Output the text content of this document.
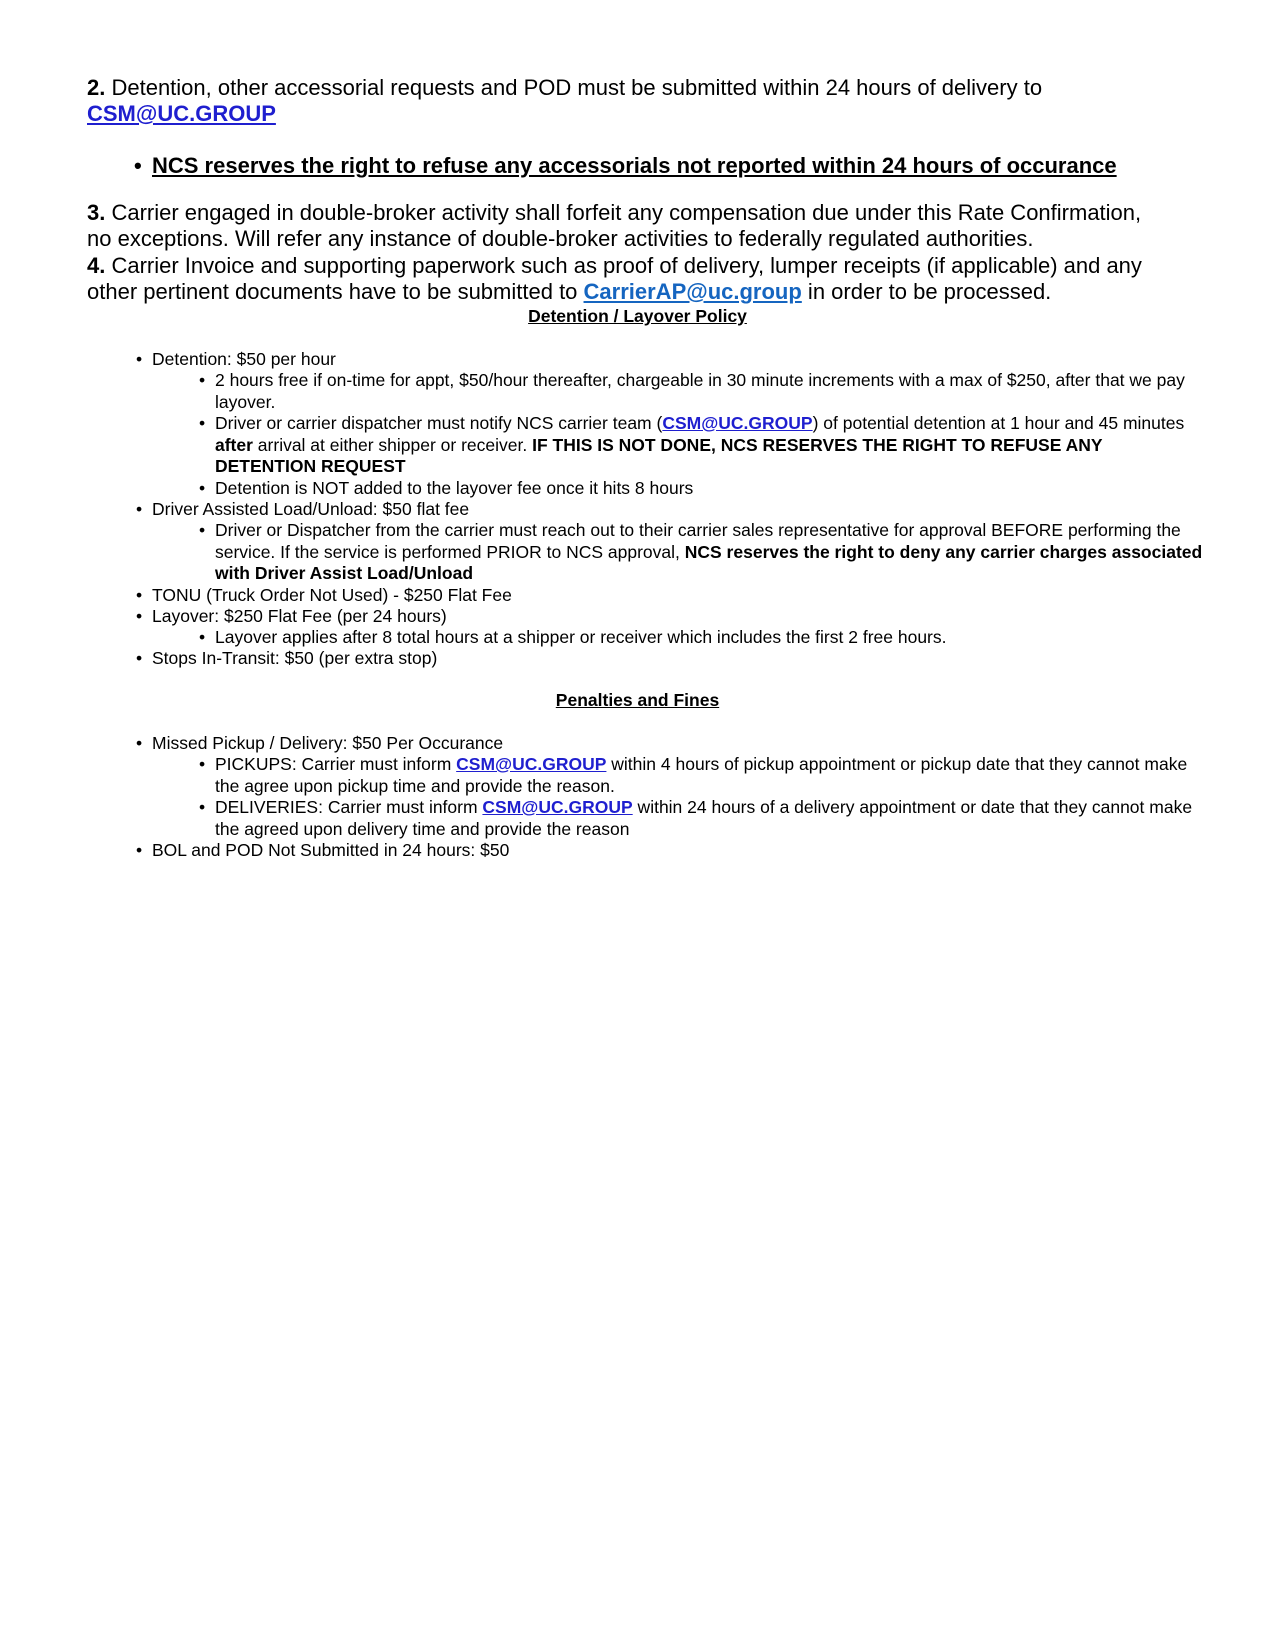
2. Detention, other accessorial requests and POD must be submitted within 24 hours of delivery to
CSM@UC.GROUP
• NCS reserves the right to refuse any accessorials not reported within 24 hours of occurance
3. Carrier engaged in double-broker activity shall forfeit any compensation due under this Rate Confirmation,
no exceptions. Will refer any instance of double-broker activities to federally regulated authorities.
4. Carrier Invoice and supporting paperwork such as proof of delivery, lumper receipts (if applicable) and any
other pertinent documents have to be submitted to CarrierAP@uc.group in order to be processed.
Detention / Layover Policy
• Detention: $50 per hour
• 2 hours free if on-time for appt, $50/hour thereafter, chargeable in 30 minute increments with a max of $250, after that we pay layover.
• Driver or carrier dispatcher must notify NCS carrier team (CSM@UC.GROUP) of potential detention at 1 hour and 45 minutes after arrival at either shipper or receiver. IF THIS IS NOT DONE, NCS RESERVES THE RIGHT TO REFUSE ANY DETENTION REQUEST
• Detention is NOT added to the layover fee once it hits 8 hours
• Driver Assisted Load/Unload: $50 flat fee
• Driver or Dispatcher from the carrier must reach out to their carrier sales representative for approval BEFORE performing the service. If the service is performed PRIOR to NCS approval, NCS reserves the right to deny any carrier charges associated with Driver Assist Load/Unload
• TONU (Truck Order Not Used) - $250 Flat Fee
• Layover: $250 Flat Fee (per 24 hours)
• Layover applies after 8 total hours at a shipper or receiver which includes the first 2 free hours.
• Stops In-Transit: $50 (per extra stop)
Penalties and Fines
• Missed Pickup / Delivery: $50 Per Occurance
• PICKUPS: Carrier must inform CSM@UC.GROUP within 4 hours of pickup appointment or pickup date that they cannot make the agree upon pickup time and provide the reason.
• DELIVERIES: Carrier must inform CSM@UC.GROUP within 24 hours of a delivery appointment or date that they cannot make the agreed upon delivery time and provide the reason
• BOL and POD Not Submitted in 24 hours: $50
